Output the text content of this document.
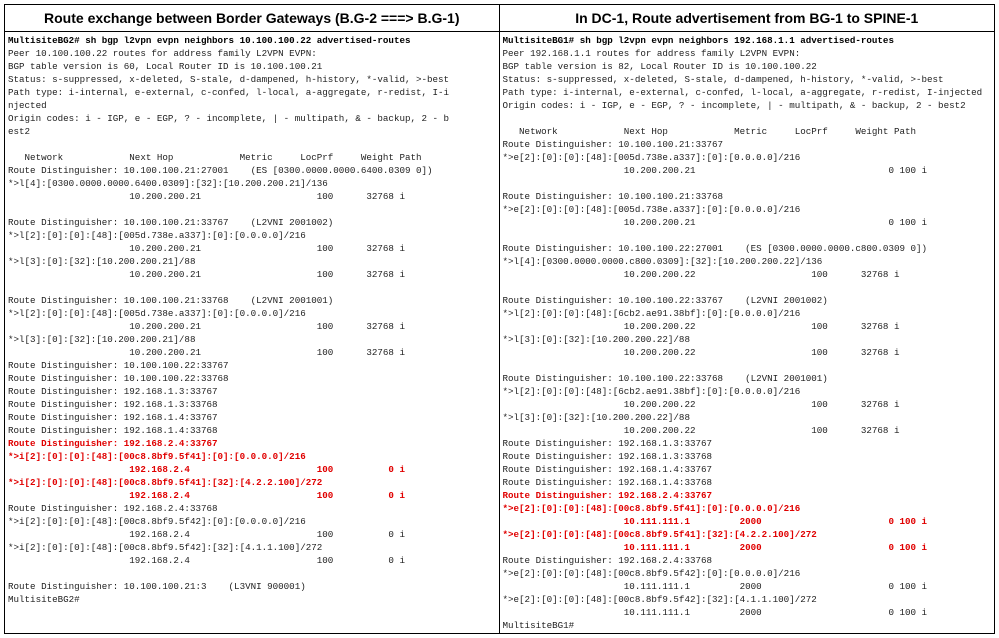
Route exchange between Border Gateways (B.G-2 ===> B.G-1)
MultisiteBG2# sh bgp l2vpn evpn neighbors 10.100.100.22 advertised-routes
Peer 10.100.100.22 routes for address family L2VPN EVPN:
BGP table version is 60, Local Router ID is 10.100.100.21
Status: s-suppressed, x-deleted, S-stale, d-dampened, h-history, *-valid, >-best
Path type: i-internal, e-external, c-confed, l-local, a-aggregate, r-redist, I-i
njected
Origin codes: i - IGP, e - EGP, ? - incomplete, | - multipath, & - backup, 2 - b
est2
Network            Next Hop            Metric     LocPrf     Weight Path
Route Distinguisher: 10.100.100.21:27001    (ES [0300.0000.0000.6400.0309 0])
*>l[4]:[0300.0000.0000.6400.0309]:[32]:[10.200.200.21]/136
10.200.200.21                     100      32768 i
Route Distinguisher: 10.100.100.21:33767    (L2VNI 2001002)
*>l[2]:[0]:[0]:[48]:[005d.738e.a337]:[0]:[0.0.0.0]/216
10.200.200.21                     100      32768 i
*>l[3]:[0]:[32]:[10.200.200.21]/88
10.200.200.21                     100      32768 i
Route Distinguisher: 10.100.100.21:33768    (L2VNI 2001001)
*>l[2]:[0]:[0]:[48]:[005d.738e.a337]:[0]:[0.0.0.0]/216
10.200.200.21                     100      32768 i
*>l[3]:[0]:[32]:[10.200.200.21]/88
10.200.200.21                     100      32768 i
Route Distinguisher: 10.100.100.22:33767
Route Distinguisher: 10.100.100.22:33768
Route Distinguisher: 192.168.1.3:33767
Route Distinguisher: 192.168.1.3:33768
Route Distinguisher: 192.168.1.4:33767
Route Distinguisher: 192.168.1.4:33768
Route Distinguisher: 192.168.2.4:33767
*>i[2]:[0]:[0]:[48]:[00c8.8bf9.5f41]:[0]:[0.0.0.0]/216
192.168.2.4                       100          0 i
*>i[2]:[0]:[0]:[48]:[00c8.8bf9.5f41]:[32]:[4.2.2.100]/272
192.168.2.4                       100          0 i
Route Distinguisher: 192.168.2.4:33768
*>i[2]:[0]:[0]:[48]:[00c8.8bf9.5f42]:[0]:[0.0.0.0]/216
192.168.2.4                       100          0 i
*>i[2]:[0]:[0]:[48]:[00c8.8bf9.5f42]:[32]:[4.1.1.100]/272
192.168.2.4                       100          0 i
Route Distinguisher: 10.100.100.21:3    (L3VNI 900001)
MultisiteBG2#
In DC-1, Route advertisement from BG-1 to SPINE-1
MultisiteBG1# sh bgp l2vpn evpn neighbors 192.168.1.1 advertised-routes
Peer 192.168.1.1 routes for address family L2VPN EVPN:
BGP table version is 82, Local Router ID is 10.100.100.22
Status: s-suppressed, x-deleted, S-stale, d-dampened, h-history, *-valid, >-best
Path type: i-internal, e-external, c-confed, l-local, a-aggregate, r-redist, I-injected
Origin codes: i - IGP, e - EGP, ? - incomplete, | - multipath, & - backup, 2 - best2
Network            Next Hop            Metric     LocPrf     Weight Path
Route Distinguisher: 10.100.100.21:33767
*>e[2]:[0]:[0]:[48]:[005d.738e.a337]:[0]:[0.0.0.0]/216
10.200.200.21                                   0 100 i
Route Distinguisher: 10.100.100.21:33768
*>e[2]:[0]:[0]:[48]:[005d.738e.a337]:[0]:[0.0.0.0]/216
10.200.200.21                                   0 100 i
Route Distinguisher: 10.100.100.22:27001    (ES [0300.0000.0000.c800.0309 0])
*>l[4]:[0300.0000.0000.c800.0309]:[32]:[10.200.200.22]/136
10.200.200.22                     100      32768 i
Route Distinguisher: 10.100.100.22:33767    (L2VNI 2001002)
*>l[2]:[0]:[0]:[48]:[6cb2.ae91.38bf]:[0]:[0.0.0.0]/216
10.200.200.22                     100      32768 i
*>l[3]:[0]:[32]:[10.200.200.22]/88
10.200.200.22                     100      32768 i
Route Distinguisher: 10.100.100.22:33768    (L2VNI 2001001)
*>l[2]:[0]:[0]:[48]:[6cb2.ae91.38bf]:[0]:[0.0.0.0]/216
10.200.200.22                     100      32768 i
*>l[3]:[0]:[32]:[10.200.200.22]/88
10.200.200.22                     100      32768 i
Route Distinguisher: 192.168.1.3:33767
Route Distinguisher: 192.168.1.3:33768
Route Distinguisher: 192.168.1.4:33767
Route Distinguisher: 192.168.1.4:33768
Route Distinguisher: 192.168.2.4:33767
*>e[2]:[0]:[0]:[48]:[00c8.8bf9.5f41]:[0]:[0.0.0.0]/216
10.111.111.1         2000                       0 100 i
*>e[2]:[0]:[0]:[48]:[00c8.8bf9.5f41]:[32]:[4.2.2.100]/272
10.111.111.1         2000                       0 100 i
Route Distinguisher: 192.168.2.4:33768
*>e[2]:[0]:[0]:[48]:[00c8.8bf9.5f42]:[0]:[0.0.0.0]/216
10.111.111.1         2000                       0 100 i
*>e[2]:[0]:[0]:[48]:[00c8.8bf9.5f42]:[32]:[4.1.1.100]/272
10.111.111.1         2000                       0 100 i
MultisiteBG1#
